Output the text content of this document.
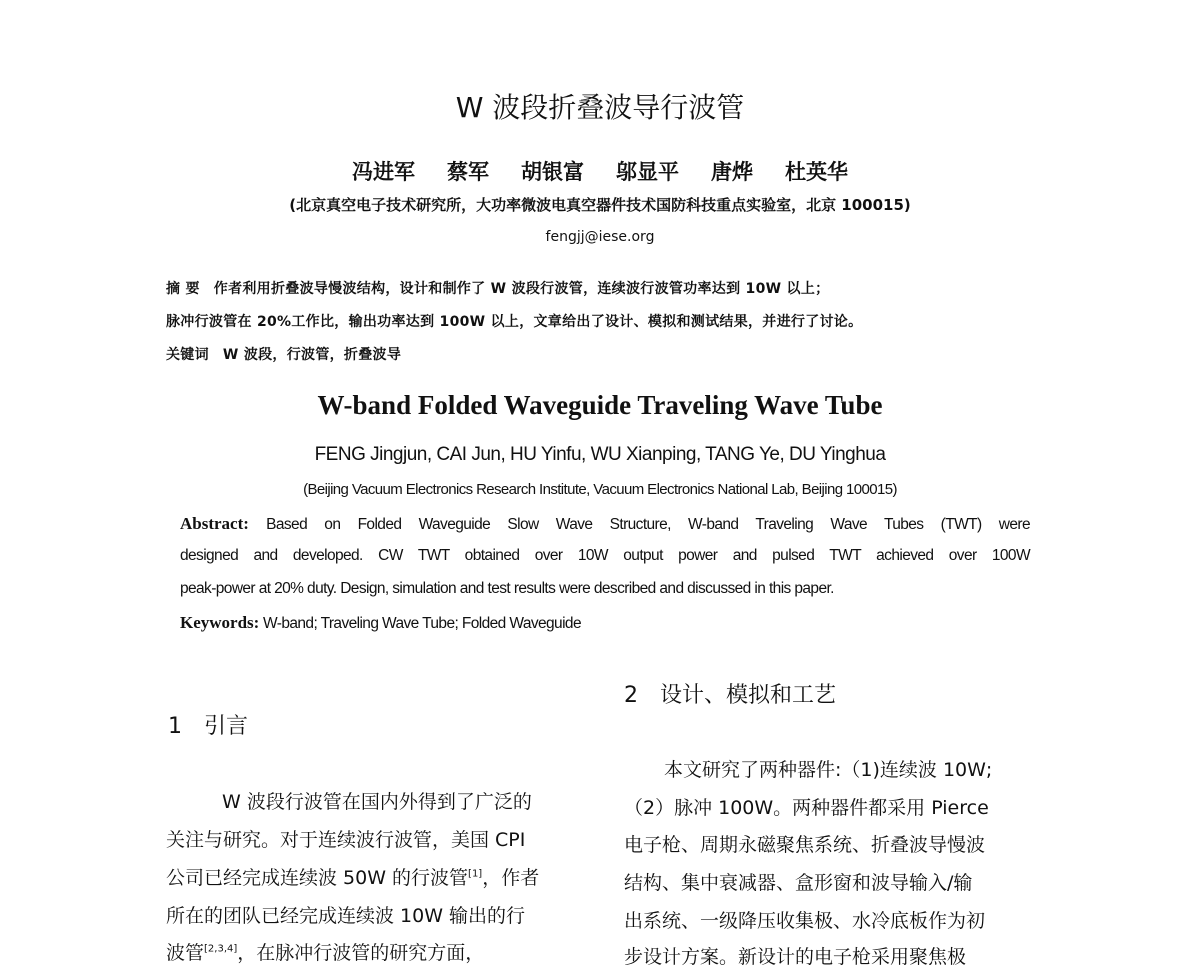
W 波段折叠波导行波管
冯进军 蔡军 胡银富 邬显平 唐烨 杜英华
(北京真空电子技术研究所，大功率微波电真空器件技术国防科技重点实验室，北京 100015)
fengjj@iese.org
摘 要 作者利用折叠波导慢波结构，设计和制作了 W 波段行波管，连续波行波管功率达到 10W 以上；
脉冲行波管在 20%工作比，输出功率达到 100W 以上，文章给出了设计、模拟和测试结果，并进行了讨论。
关键词 W 波段，行波管，折叠波导
W-band Folded Waveguide Traveling Wave Tube
FENG Jingjun, CAI Jun, HU Yinfu, WU Xianping, TANG Ye, DU Yinghua
(Beijing Vacuum Electronics Research Institute, Vacuum Electronics National Lab, Beijing 100015)
Abstract: Based on Folded Waveguide Slow Wave Structure, W-band Traveling Wave Tubes (TWT) were
designed and developed. CW TWT obtained over 10W output power and pulsed TWT achieved over 100W
peak-power at 20% duty. Design, simulation and test results were described and discussed in this paper.
Keywords: W-band; Traveling Wave Tube; Folded Waveguide
1 引言
W 波段行波管在国内外得到了广泛的
关注与研究。对于连续波行波管，美国 CPI
公司已经完成连续波 50W 的行波管[1]，作者
所在的团队已经完成连续波 10W 输出的行
波管[2,3,4]，在脉冲行波管的研究方面，
2 设计、模拟和工艺
本文研究了两种器件:（1)连续波 10W;
（2）脉冲 100W。两种器件都采用 Pierce
电子枪、周期永磁聚焦系统、折叠波导慢波
结构、集中衰减器、盒形窗和波导输入/输
出系统、一级降压收集极、水冷底板作为初
步设计方案。新设计的电子枪采用聚焦极
